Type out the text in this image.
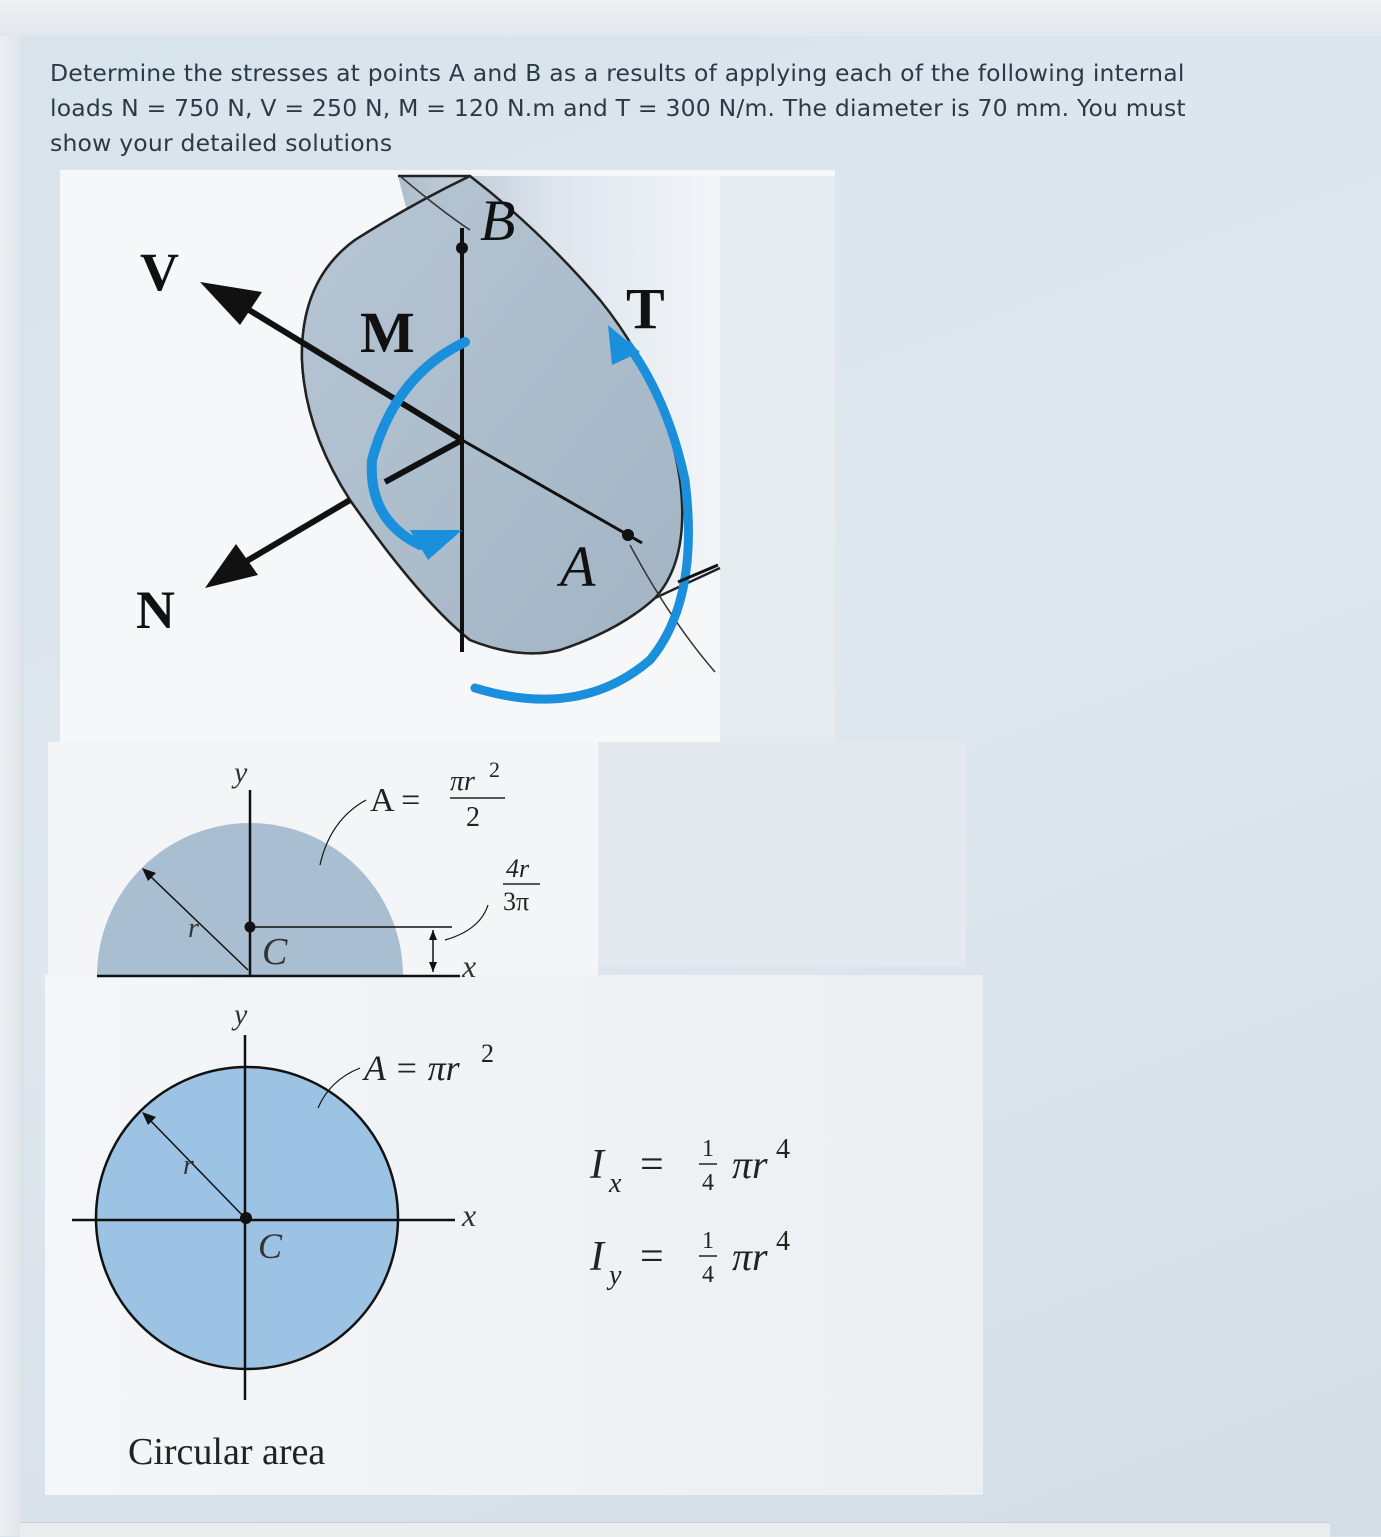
Determine the stresses at points A and B as a results of applying each of the following internal
loads N = 750 N, V = 250 N, M = 120 N.m and T = 300 N/m. The diameter is 70 mm. You must
show your detailed solutions
B
V
M	T
A
N
y
A =
πr 2
2
4r
3π
r
C	x
y
A = πr 2
r
C
x
Circular area
I x = 1
4 πr 4
I y = 1
4 πr 4
